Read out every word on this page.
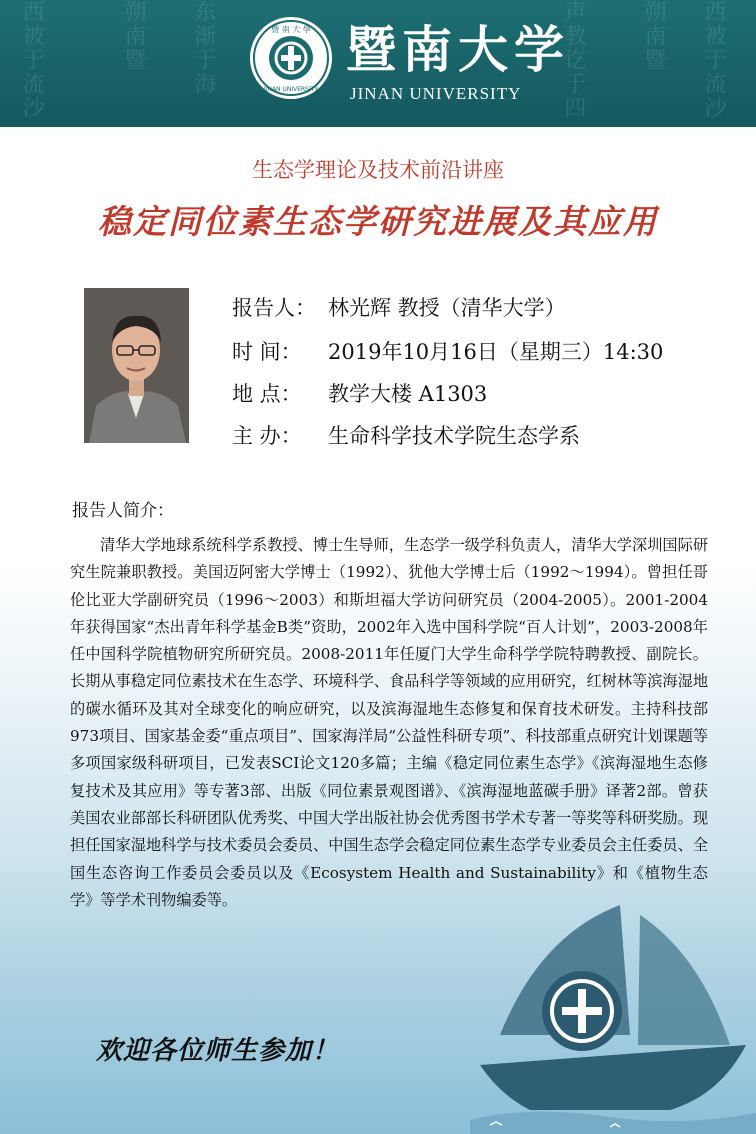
西被于流沙	朔南暨 东渐于海	声教讫于四	朔南暨 西被于流沙
暨 南 大 學
JINAN UNIVERSITY
暨南大学
JINAN UNIVERSITY
生态学理论及技术前沿讲座
稳定同位素生态学研究进展及其应用
报告人： 林光辉 教授（清华大学）
时 间： 2019年10月16日（星期三）14:30
地 点： 教学大楼 A1303
主 办： 生命科学技术学院生态学系
报告人简介：
清华大学地球系统科学系教授、博士生导师，生态学一级学科负责人，清华大学深圳国际研究生院兼职教授。美国迈阿密大学博士（1992）、犹他大学博士后（1992～1994）。曾担任哥伦比亚大学副研究员（1996～2003）和斯坦福大学访问研究员（2004-2005）。2001-2004年获得国家“杰出青年科学基金B类”资助，2002年入选中国科学院“百人计划”，2003-2008年任中国科学院植物研究所研究员。2008-2011年任厦门大学生命科学学院特聘教授、副院长。长期从事稳定同位素技术在生态学、环境科学、食品科学等领域的应用研究，红树林等滨海湿地的碳水循环及其对全球变化的响应研究，以及滨海湿地生态修复和保育技术研发。主持科技部973项目、国家基金委“重点项目”、国家海洋局“公益性科研专项”、科技部重点研究计划课题等多项国家级科研项目，已发表SCI论文120多篇；主编《稳定同位素生态学》《滨海湿地生态修复技术及其应用》等专著3部、出版《同位素景观图谱》、《滨海湿地蓝碳手册》译著2部。曾获美国农业部部长科研团队优秀奖、中国大学出版社协会优秀图书学术专著一等奖等科研奖励。现担任国家湿地科学与技术委员会委员、中国生态学会稳定同位素生态学专业委员会主任委员、全国生态咨询工作委员会委员以及《Ecosystem Health and Sustainability》和《植物生态学》等学术刊物编委等。
欢迎各位师生参加！
